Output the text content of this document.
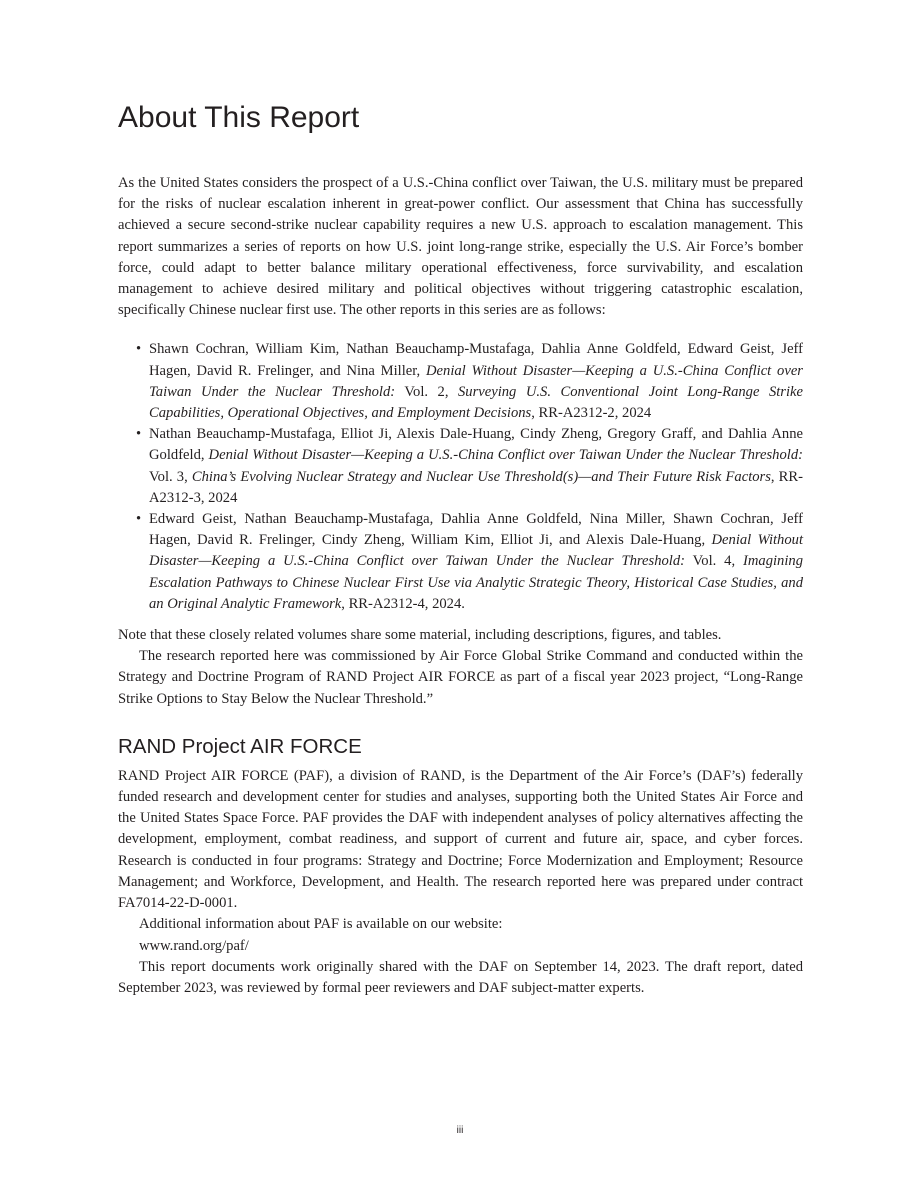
About This Report

As the United States considers the prospect of a U.S.-China conflict over Taiwan, the U.S. military must be prepared for the risks of nuclear escalation inherent in great-power conflict. Our assessment that China has successfully achieved a secure second-strike nuclear capability requires a new U.S. approach to escalation management. This report summarizes a series of reports on how U.S. joint long-range strike, especially the U.S. Air Force’s bomber force, could adapt to better balance military operational effectiveness, force survivability, and escalation management to achieve desired military and political objectives without triggering catastrophic escalation, specifically Chinese nuclear first use. The other reports in this series are as follows:

• Shawn Cochran, William Kim, Nathan Beauchamp-Mustafaga, Dahlia Anne Goldfeld, Edward Geist, Jeff Hagen, David R. Frelinger, and Nina Miller, Denial Without Disaster—Keeping a U.S.-China Conflict over Taiwan Under the Nuclear Threshold: Vol. 2, Surveying U.S. Conventional Joint Long-Range Strike Capabilities, Operational Objectives, and Employment Decisions, RR-A2312-2, 2024
• Nathan Beauchamp-Mustafaga, Elliot Ji, Alexis Dale-Huang, Cindy Zheng, Gregory Graff, and Dahlia Anne Goldfeld, Denial Without Disaster—Keeping a U.S.-China Conflict over Taiwan Under the Nuclear Threshold: Vol. 3, China’s Evolving Nuclear Strategy and Nuclear Use Threshold(s)—and Their Future Risk Factors, RR-A2312-3, 2024
• Edward Geist, Nathan Beauchamp-Mustafaga, Dahlia Anne Goldfeld, Nina Miller, Shawn Cochran, Jeff Hagen, David R. Frelinger, Cindy Zheng, William Kim, Elliot Ji, and Alexis Dale-Huang, Denial Without Disaster—Keeping a U.S.-China Conflict over Taiwan Under the Nuclear Threshold: Vol. 4, Imagining Escalation Pathways to Chinese Nuclear First Use via Analytic Strategic Theory, Historical Case Studies, and an Original Analytic Framework, RR-A2312-4, 2024.

Note that these closely related volumes share some material, including descriptions, figures, and tables.

The research reported here was commissioned by Air Force Global Strike Command and conducted within the Strategy and Doctrine Program of RAND Project AIR FORCE as part of a fiscal year 2023 project, “Long-Range Strike Options to Stay Below the Nuclear Threshold.”

RAND Project AIR FORCE

RAND Project AIR FORCE (PAF), a division of RAND, is the Department of the Air Force’s (DAF’s) federally funded research and development center for studies and analyses, supporting both the United States Air Force and the United States Space Force. PAF provides the DAF with independent analyses of policy alternatives affecting the development, employment, combat readiness, and support of current and future air, space, and cyber forces. Research is conducted in four programs: Strategy and Doctrine; Force Modernization and Employment; Resource Management; and Workforce, Development, and Health. The research reported here was prepared under contract FA7014-22-D-0001.

Additional information about PAF is available on our website:

www.rand.org/paf/

This report documents work originally shared with the DAF on September 14, 2023. The draft report, dated September 2023, was reviewed by formal peer reviewers and DAF subject-matter experts.

iii
